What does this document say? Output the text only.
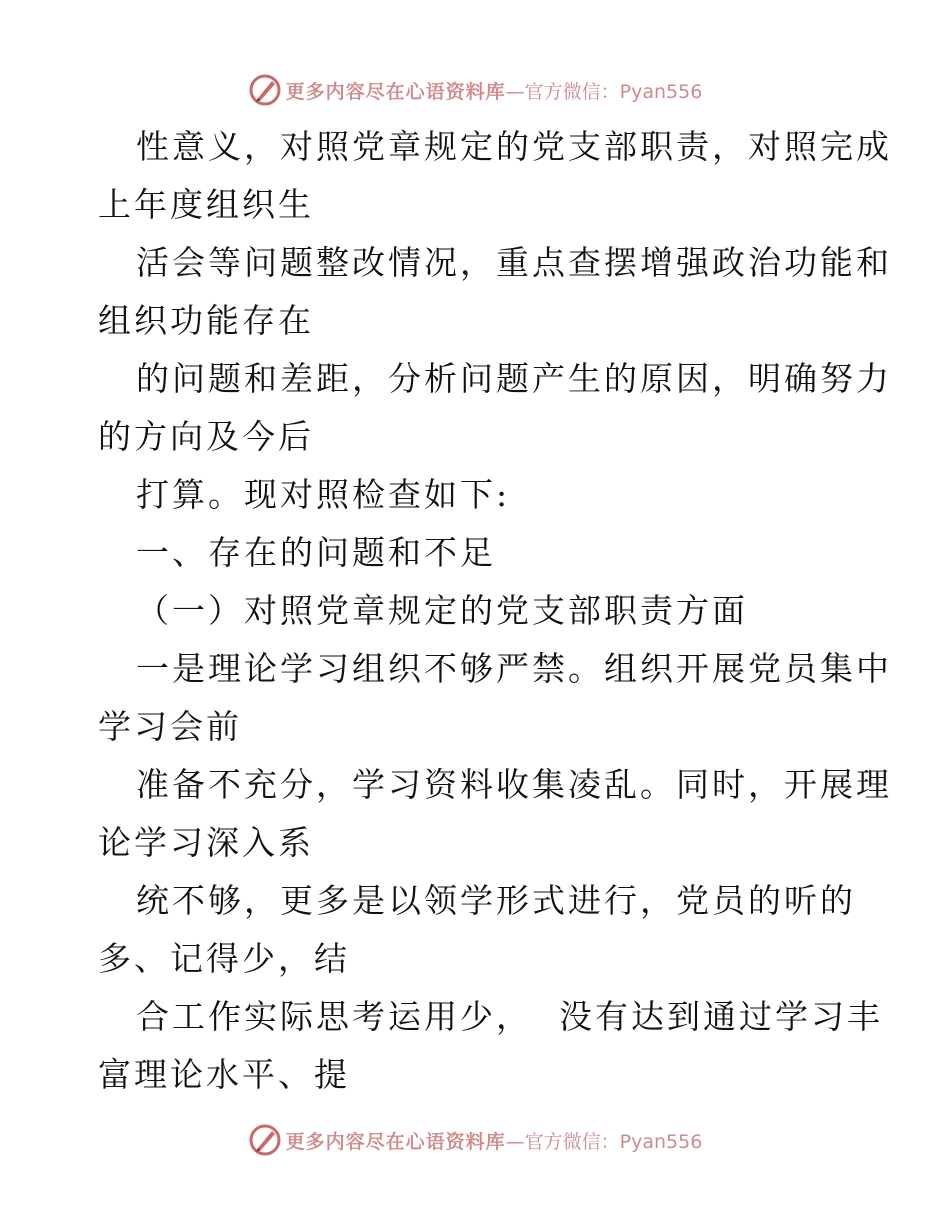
更多内容尽在心语资料库—官方微信：Pyan556
性意义，对照党章规定的党支部职责，对照完成
上年度组织生
活会等问题整改情况，重点查摆增强政治功能和
组织功能存在
的问题和差距，分析问题产生的原因，明确努力
的方向及今后
打算。现对照检查如下:
一、存在的问题和不足
（一）对照党章规定的党支部职责方面
一是理论学习组织不够严禁。组织开展党员集中
学习会前
准备不充分，学习资料收集凌乱。同时，开展理
论学习深入系
统不够，更多是以领学形式进行，党员的听的
多、记得少，结
合工作实际思考运用少，  没有达到通过学习丰
富理论水平、提
更多内容尽在心语资料库—官方微信：Pyan556
